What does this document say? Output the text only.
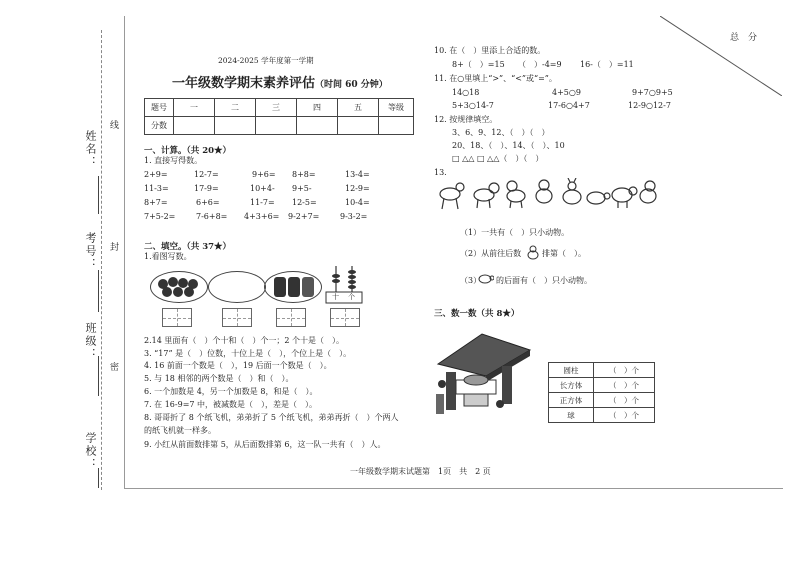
总　分
姓名：
考号：
班级：
学校：
线
封
密
2024-2025 学年度第一学期
一年级数学期末素养评估（时间 60 分钟）
题号	一	二	三	四	五	等级
分数						
一、计算。（共 20★）
1. 直接写得数。
2+9=	12-7=	9+6= 8+8=	13-4=
11-3=	17-9=	10+4- 9+5-	12-9=
8+7=	6+6=	11-7= 12-5=	10-4=
7+5-2=	7-6+8= 4+3+6= 9-2+7=	9-3-2=
二、填空。（共 37★）
1.看图写数。
十 个
2.14 里面有（　）个十和（　）个一；2 个十是（　）。
3. “17” 是（　）位数，十位上是（　），个位上是（　）。
4. 16 前面一个数是（　），19 后面一个数是（　）。
5. 与 18 相邻的两个数是（　）和（　）。
6. 一个加数是 4，另一个加数是 8，和是（　）。
7. 在 16-9=7 中，被减数是（　），差是（　）。
8. 哥哥折了 8 个纸飞机，弟弟折了 5 个纸飞机，弟弟再折（　）个两人
的纸飞机就一样多。
9. 小红从前面数排第 5，从后面数排第 6，这一队一共有（　）人。
10. 在（　）里添上合适的数。
8+（　）=15 （　）-4=9 16-（　）=11
11. 在○里填上“>”、“<”或“=”。
14○18	4+5○9	9+7○9+5
5+3○14-7	17-6○4+7	12-9○12-7
12. 按规律填空。
3、6、9、12、（　）（　）
20、18、（　）、14、（　）、10
□ △△ □ △△（　）（　）
13.
（1）一共有（　）只小动物。
（2）从前往后数	排第（　）。
（3） 的后面有（　）只小动物。
三、数一数（共 8★）
圆柱	（　）个
长方体	（　）个
正方体	（　）个
球	（　）个
一年级数学期末试题第　1页　共　2 页
